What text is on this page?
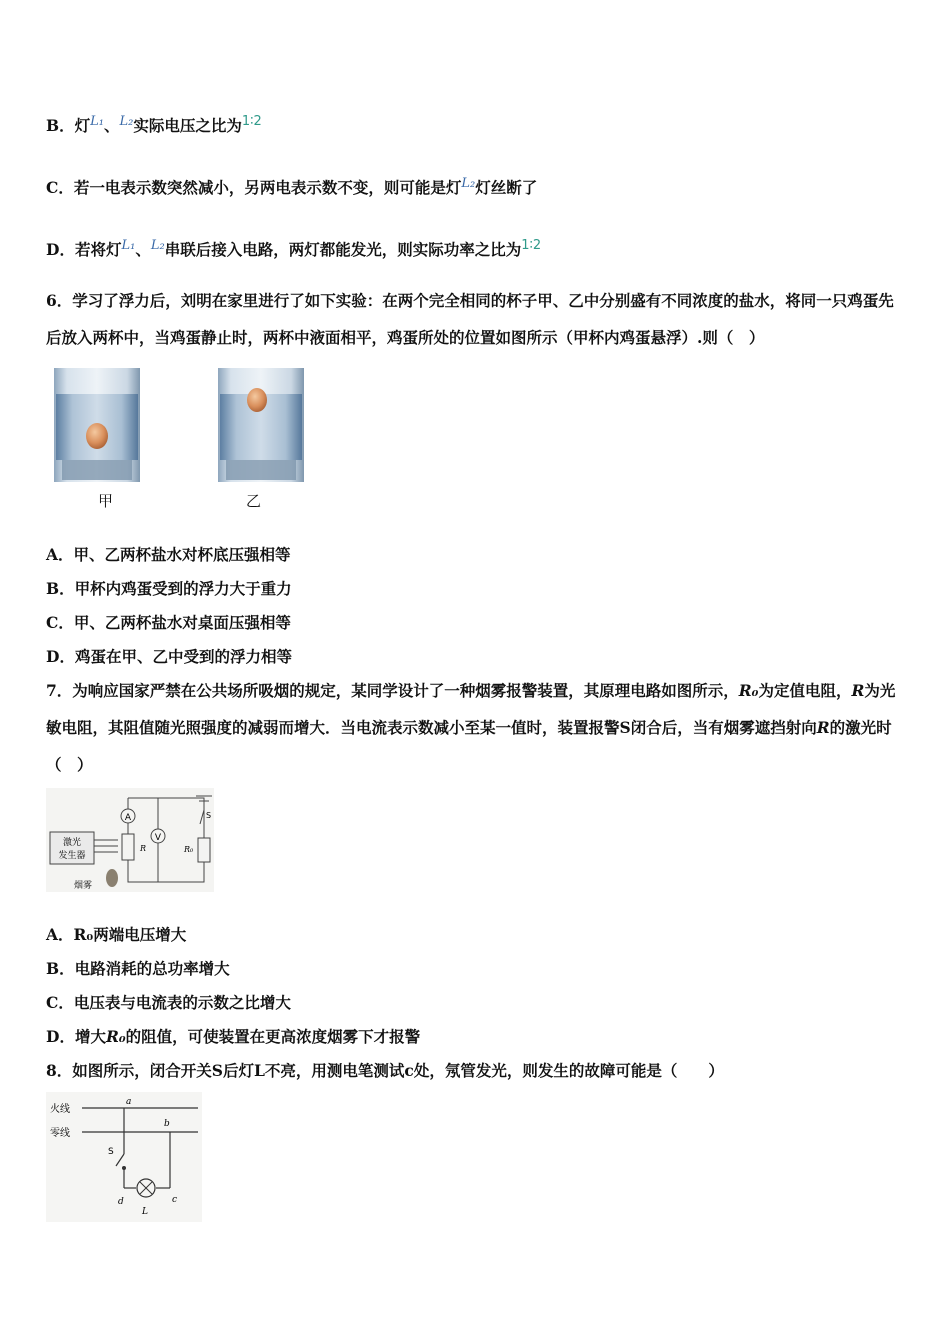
B．灯$^{L_1}$、$^{L_2}$实际电压之比为$^{1∶2}$
C．若一电表示数突然减小，另两电表示数不变，则可能是灯$^{L_2}$灯丝断了
D．若将灯$^{L_1}$、$^{L_2}$串联后接入电路，两灯都能发光，则实际功率之比为$^{1∶2}$
6．学习了浮力后，刘明在家里进行了如下实验：在两个完全相同的杯子甲、乙中分别盛有不同浓度的盐水，将同一只鸡蛋先后放入两杯中，当鸡蛋静止时，两杯中液面相平，鸡蛋所处的位置如图所示（甲杯内鸡蛋悬浮）.则（　）
甲	乙
A．甲、乙两杯盐水对杯底压强相等
B．甲杯内鸡蛋受到的浮力大于重力
C．甲、乙两杯盐水对桌面压强相等
D．鸡蛋在甲、乙中受到的浮力相等
7．为响应国家严禁在公共场所吸烟的规定，某同学设计了一种烟雾报警装置，其原理电路如图所示，R₀为定值电阻，R为光敏电阻，其阻值随光照强度的减弱而增大．当电流表示数减小至某一值时，装置报警S闭合后，当有烟雾遮挡射向R的激光时（　）
A
V
激光
发生器
R	R₀
S
烟雾
A．R₀两端电压增大
B．电路消耗的总功率增大
C．电压表与电流表的示数之比增大
D．增大R₀的阻值，可使装置在更高浓度烟雾下才报警
8．如图所示，闭合开关S后灯L不亮，用测电笔测试c处，氖管发光，则发生的故障可能是（　　）
火线
零线
a
b
c
d
S
L
